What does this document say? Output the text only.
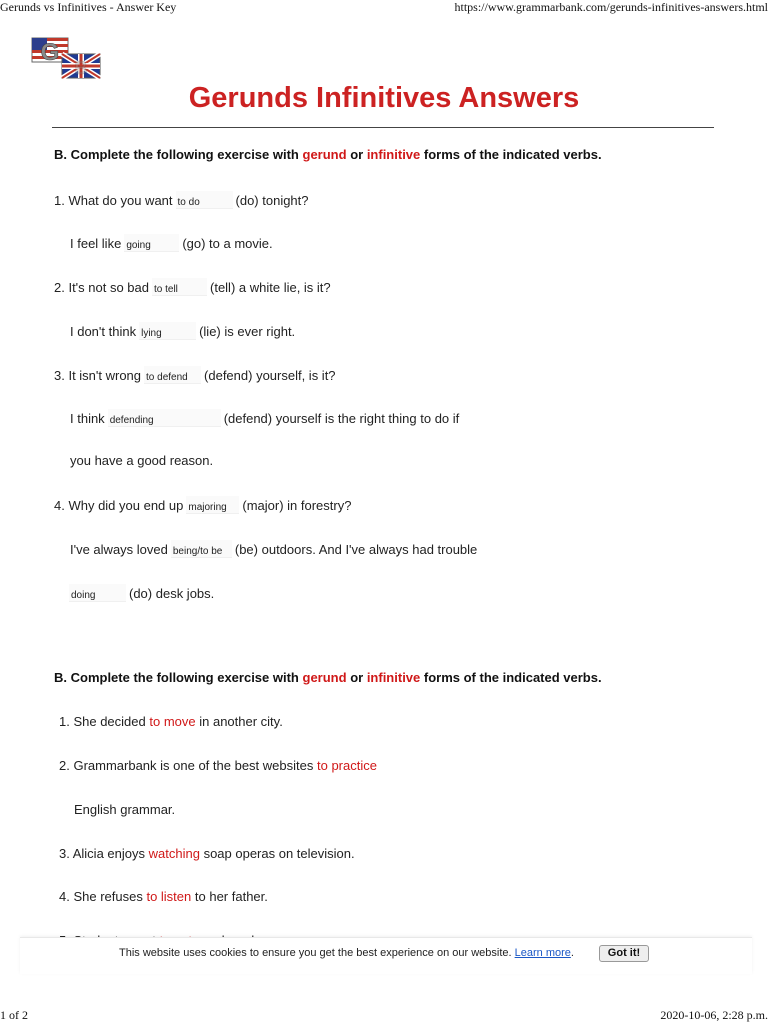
Gerunds vs Infinitives - Answer Key	https://www.grammarbank.com/gerunds-infinitives-answers.html
G
B
Gerunds Infinitives Answers
B. Complete the following exercise with gerund or infinitive forms of the indicated verbs.
1. What do you want to do	(do) tonight?
I feel like going (go) to a movie.
2. It's not so bad to tell (tell) a white lie, is it?
I don't think lying	(lie) is ever right.
3. It isn't wrong to defend (defend) yourself, is it?
I think defending	(defend) yourself is the right thing to do if
you have a good reason.
4. Why did you end up majoring (major) in forestry?
I've always loved being/to be (be) outdoors. And I've always had trouble
doing	(do) desk jobs.
B. Complete the following exercise with gerund or infinitive forms of the indicated verbs.
1. She decided to move in another city.
2. Grammarbank is one of the best websites to practice
English grammar.
3. Alicia enjoys watching soap operas on television.
4. She refuses to listen to her father.
This website uses cookies to ensure you get the best experience on our website. Learn more.	Got it!
1 of 2	2020-10-06, 2:28 p.m.
